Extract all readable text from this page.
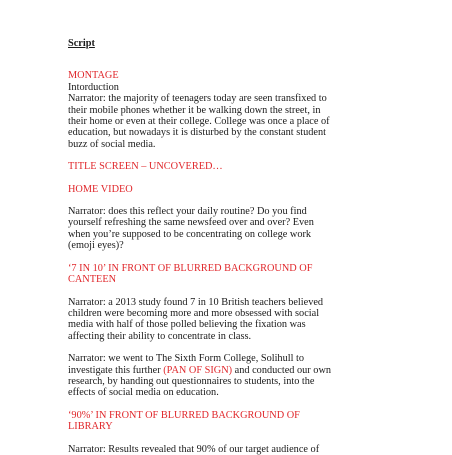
Script
MONTAGE
Intorduction
Narrator: the majority of teenagers today are seen transfixed to
their mobile phones whether it be walking down the street, in
their home or even at their college. College was once a place of
education, but nowadays it is disturbed by the constant student
buzz of social media.
TITLE SCREEN – UNCOVERED…
HOME VIDEO
Narrator: does this reflect your daily routine? Do you find
yourself refreshing the same newsfeed over and over? Even
when you’re supposed to be concentrating on college work
(emoji eyes)?
‘7 IN 10’ IN FRONT OF BLURRED BACKGROUND OF
CANTEEN
Narrator: a 2013 study found 7 in 10 British teachers believed
children were becoming more and more obsessed with social
media with half of those polled believing the fixation was
affecting their ability to concentrate in class.
Narrator: we went to The Sixth Form College, Solihull to
investigate this further (PAN OF SIGN) and conducted our own
research, by handing out questionnaires to students, into the
effects of social media on education.
‘90%’ IN FRONT OF BLURRED BACKGROUND OF
LIBRARY
Narrator: Results revealed that 90% of our target audience of
